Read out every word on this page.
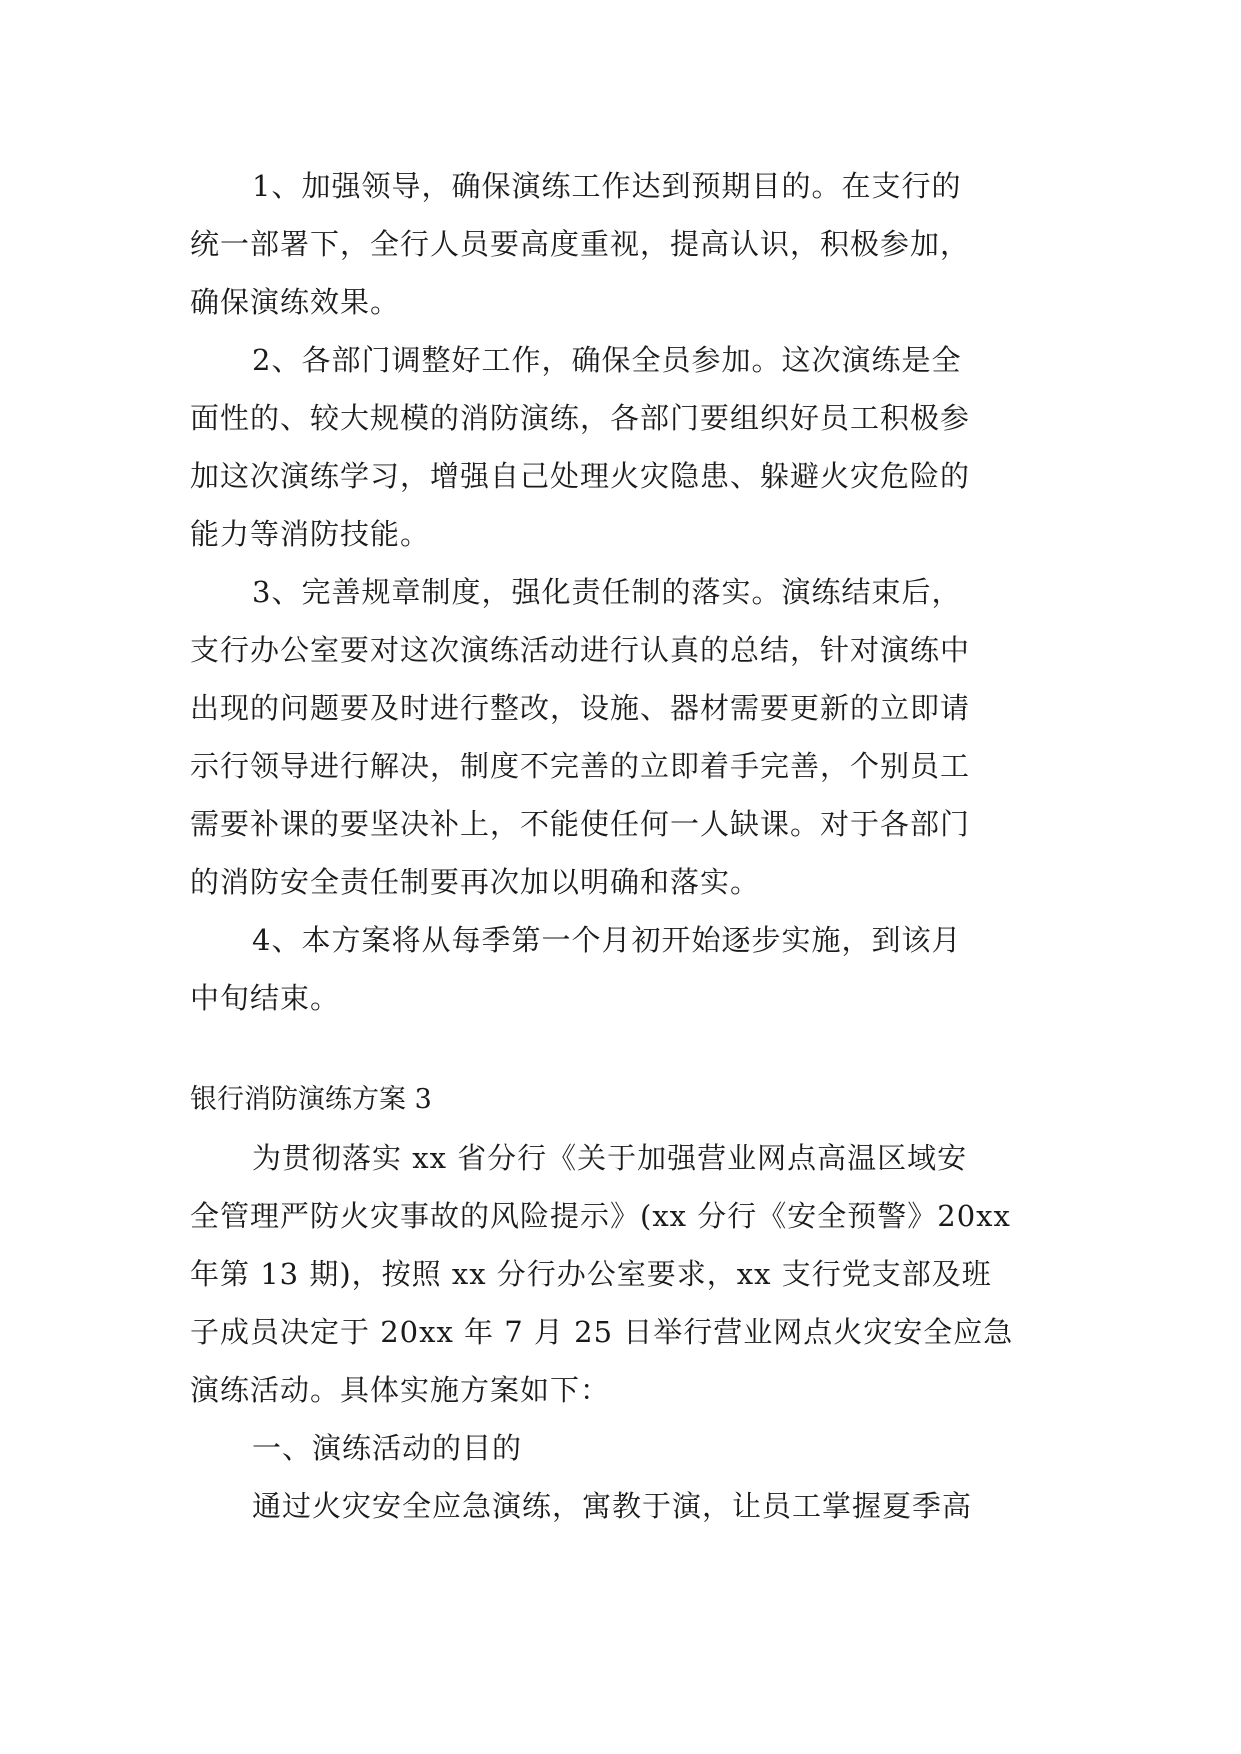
1、加强领导，确保演练工作达到预期目的。在支行的
统一部署下，全行人员要高度重视，提高认识，积极参加，
确保演练效果。
2、各部门调整好工作，确保全员参加。这次演练是全
面性的、较大规模的消防演练，各部门要组织好员工积极参
加这次演练学习，增强自己处理火灾隐患、躲避火灾危险的
能力等消防技能。
3、完善规章制度，强化责任制的落实。演练结束后，
支行办公室要对这次演练活动进行认真的总结，针对演练中
出现的问题要及时进行整改，设施、器材需要更新的立即请
示行领导进行解决，制度不完善的立即着手完善，个别员工
需要补课的要坚决补上，不能使任何一人缺课。对于各部门
的消防安全责任制要再次加以明确和落实。
4、本方案将从每季第一个月初开始逐步实施，到该月
中旬结束。
银行消防演练方案 3
为贯彻落实 xx 省分行《关于加强营业网点高温区域安
全管理严防火灾事故的风险提示》(xx 分行《安全预警》20xx
年第 13 期)，按照 xx 分行办公室要求，xx 支行党支部及班
子成员决定于 20xx 年 7 月 25 日举行营业网点火灾安全应急
演练活动。具体实施方案如下：
一、演练活动的目的
通过火灾安全应急演练，寓教于演，让员工掌握夏季高
